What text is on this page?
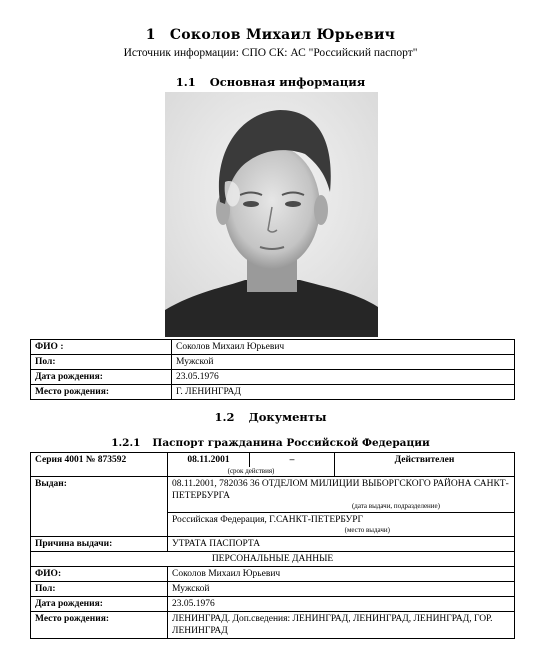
1 Соколов Михаил Юрьевич
Источник информации: СПО СК: АС "Российский паспорт"
1.1 Основная информация
ФИО :	Соколов Михаил Юрьевич
Пол:	Мужской
Дата рождения:	23.05.1976
Место рождения:	Г. ЛЕНИНГРАД
1.2 Документы
1.2.1 Паспорт гражданина Российской Федерации
Серия 4001 № 873592	08.11.2001	–	Действителен

	(срок действия)		

Выдан:	08.11.2001, 782036 36 ОТДЕЛОМ МИЛИЦИИ ВЫБОРГСКОГО РАЙОНА САНКТ-ПЕТЕРБУРГА
(дата выдачи, подразделение)		

	Российская Федерация, Г.САНКТ-ПЕТЕРБУРГ
(место выдачи)		

Причина выдачи:	УТРАТА ПАСПОРТА		
ПЕРСОНАЛЬНЫЕ ДАННЫЕ			
ФИО:	Соколов Михаил Юрьевич		
Пол:	Мужской		
Дата рождения:	23.05.1976		
Место рождения:	ЛЕНИНГРАД. Доп.сведения: ЛЕНИНГРАД, ЛЕНИНГРАД, ЛЕНИНГРАД, ГОР. ЛЕНИНГРАД		
